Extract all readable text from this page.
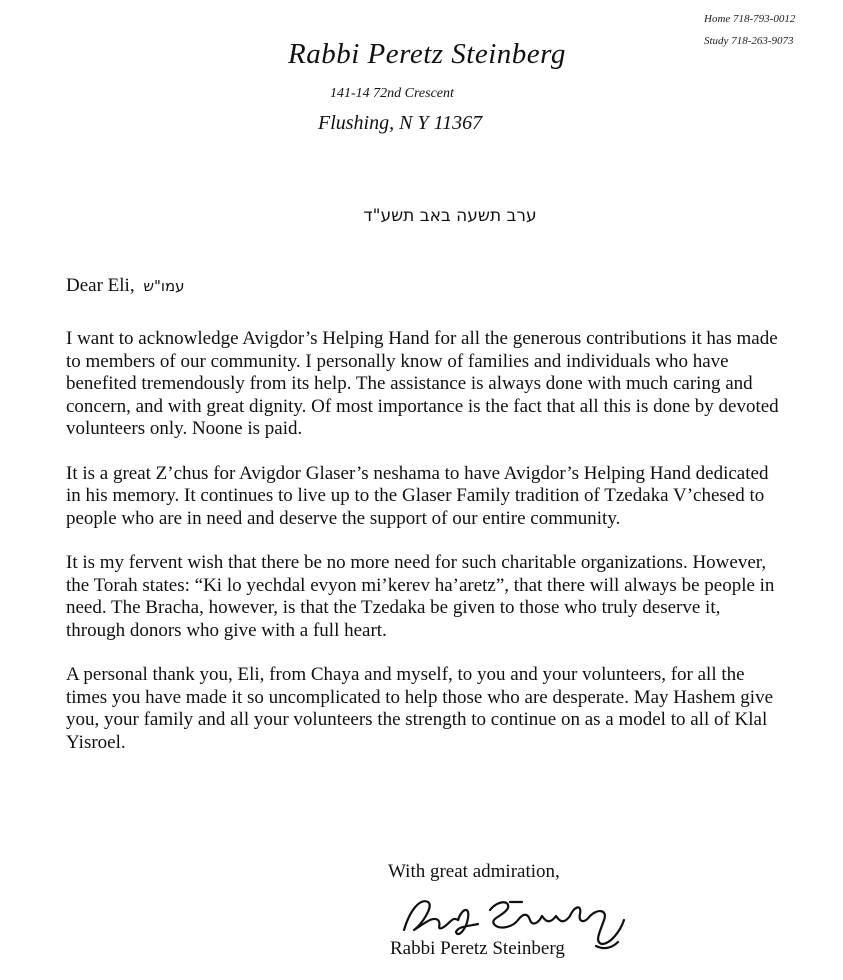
Home 718-793-0012
Study 718-263-9073
Rabbi Peretz Steinberg
141-14 72nd Crescent
Flushing, N Y 11367
ערב תשעה באב תשע"ד
Dear Eli, עמו"ש

I want to acknowledge Avigdor’s Helping Hand for all the generous contributions it has made to members of our community. I personally know of families and individuals who have benefited tremendously from its help. The assistance is always done with much caring and concern, and with great dignity. Of most importance is the fact that all this is done by devoted volunteers only. Noone is paid.

It is a great Z’chus for Avigdor Glaser’s neshama to have Avigdor’s Helping Hand dedicated in his memory. It continues to live up to the Glaser Family tradition of Tzedaka V’chesed to people who are in need and deserve the support of our entire community.

It is my fervent wish that there be no more need for such charitable organizations. However, the Torah states: “Ki lo yechdal evyon mi’kerev ha’aretz”, that there will always be people in need. The Bracha, however, is that the Tzedaka be given to those who truly deserve it, through donors who give with a full heart.

A personal thank you, Eli, from Chaya and myself, to you and your volunteers, for all the times you have made it so uncomplicated to help those who are desperate. May Hashem give you, your family and all your volunteers the strength to continue on as a model to all of Klal Yisroel.

With great admiration,
Rabbi Peretz Steinberg
